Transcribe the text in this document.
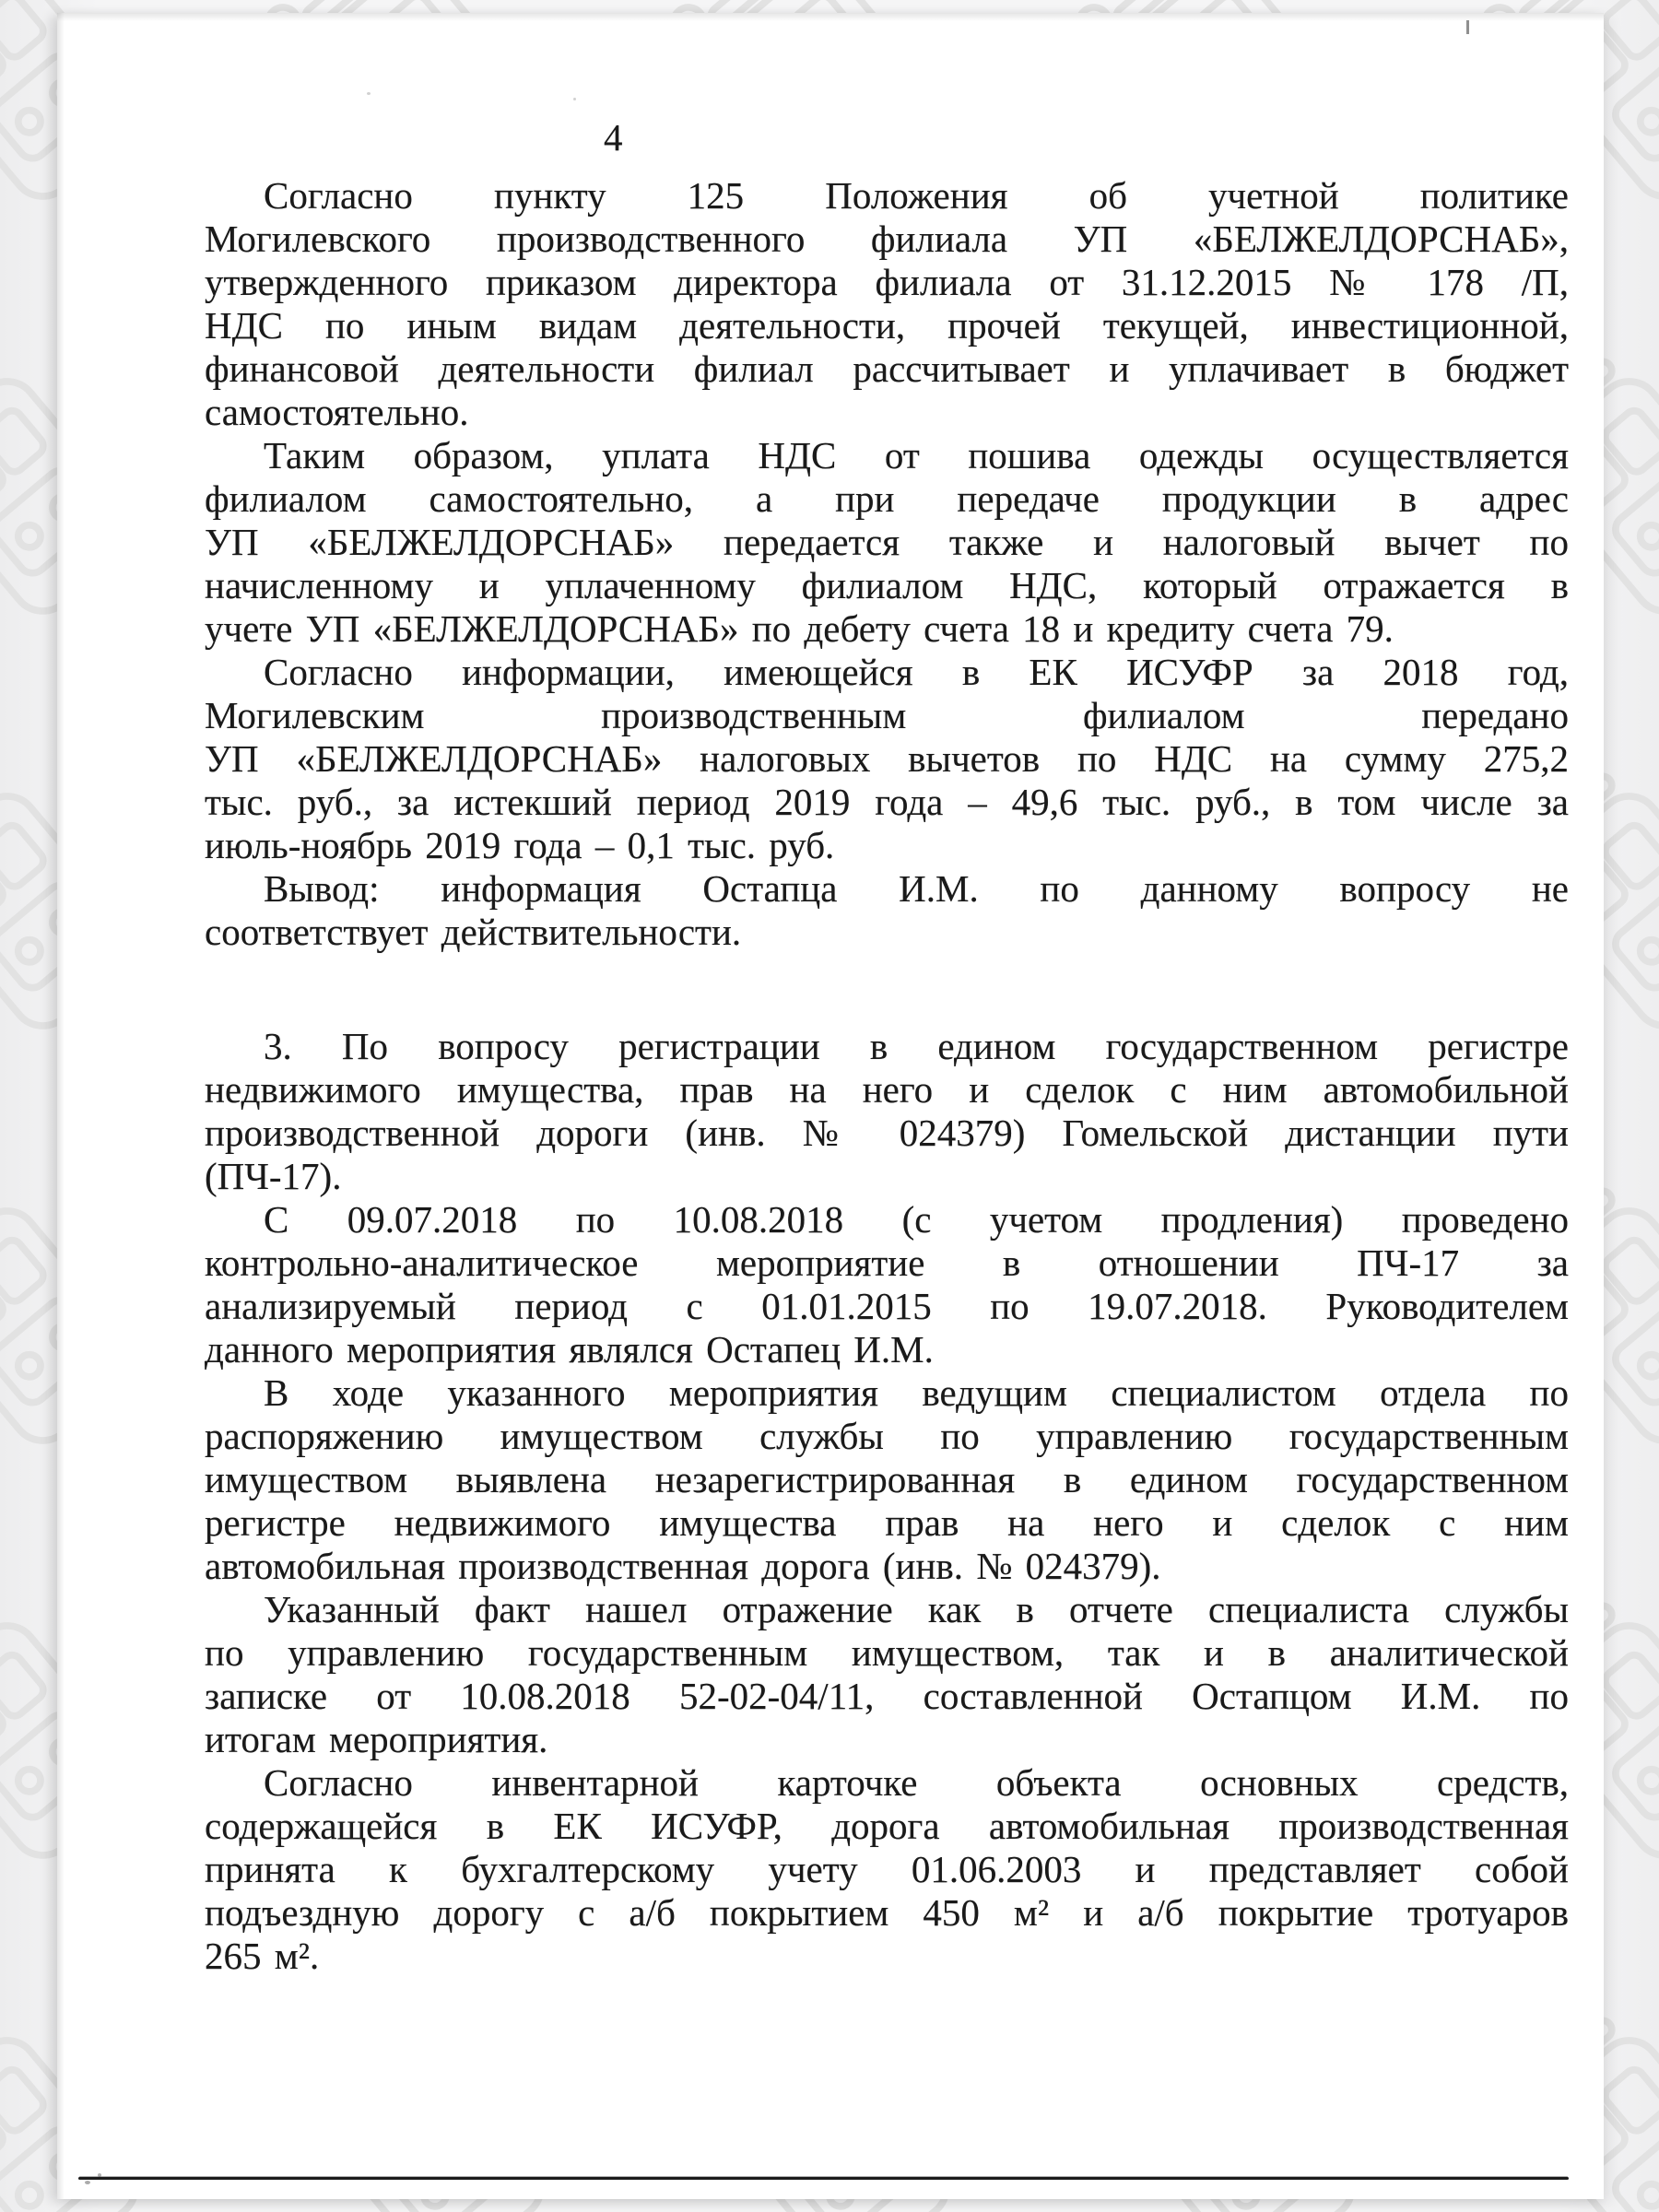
4
Согласно пункту 125 Положения об учетной политике
Могилевского производственного филиала УП «БЕЛЖЕЛДОРСНАБ»,
утвержденного приказом директора филиала от 31.12.2015 № 178 /П,
НДС по иным видам деятельности, прочей текущей, инвестиционной,
финансовой деятельности филиал рассчитывает и уплачивает в бюджет
самостоятельно.
Таким образом, уплата НДС от пошива одежды осуществляется
филиалом самостоятельно, а при передаче продукции в адрес
УП «БЕЛЖЕЛДОРСНАБ» передается также и налоговый вычет по
начисленному и уплаченному филиалом НДС, который отражается в
учете УП «БЕЛЖЕЛДОРСНАБ» по дебету счета 18 и кредиту счета 79.
Согласно информации, имеющейся в ЕК ИСУФР за 2018 год,
Могилевским производственным филиалом передано
УП «БЕЛЖЕЛДОРСНАБ» налоговых вычетов по НДС на сумму 275,2
тыс. руб., за истекший период 2019 года – 49,6 тыс. руб., в том числе за
июль-ноябрь 2019 года – 0,1 тыс. руб.
Вывод: информация Остапца И.М. по данному вопросу не
соответствует действительности.
3. По вопросу регистрации в едином государственном регистре
недвижимого имущества, прав на него и сделок с ним автомобильной
производственной дороги (инв. № 024379) Гомельской дистанции пути
(ПЧ-17).
С 09.07.2018 по 10.08.2018 (с учетом продления) проведено
контрольно-аналитическое мероприятие в отношении ПЧ-17 за
анализируемый период с 01.01.2015 по 19.07.2018. Руководителем
данного мероприятия являлся Остапец И.М.
В ходе указанного мероприятия ведущим специалистом отдела по
распоряжению имуществом службы по управлению государственным
имуществом выявлена незарегистрированная в едином государственном
регистре недвижимого имущества прав на него и сделок с ним
автомобильная производственная дорога (инв. № 024379).
Указанный факт нашел отражение как в отчете специалиста службы
по управлению государственным имуществом, так и в аналитической
записке от 10.08.2018 52-02-04/11, составленной Остапцом И.М. по
итогам мероприятия.
Согласно инвентарной карточке объекта основных средств,
содержащейся в ЕК ИСУФР, дорога автомобильная производственная
принята к бухгалтерскому учету 01.06.2003 и представляет собой
подъездную дорогу с а/б покрытием 450 м² и а/б покрытие тротуаров
265 м².
